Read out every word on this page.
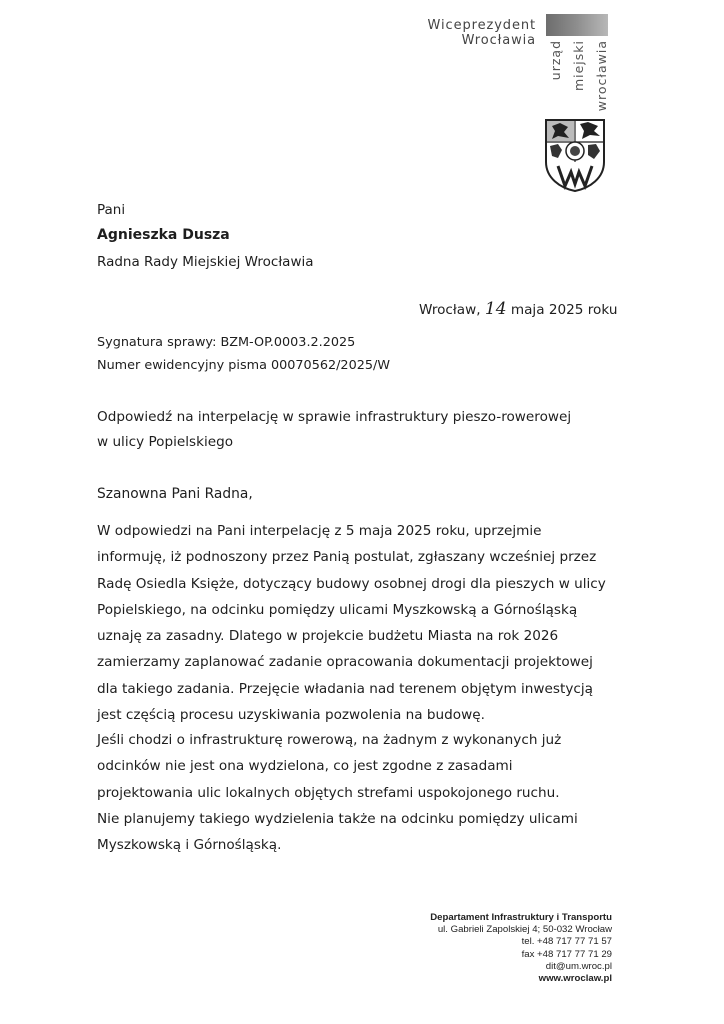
Wiceprezydent Wrocławia urząd miejski wrocławia
Pani
Agnieszka Dusza
Radna Rady Miejskiej Wrocławia
Wrocław, 14 maja 2025 roku
Sygnatura sprawy: BZM-OP.0003.2.2025
Numer ewidencyjny pisma 00070562/2025/W
Odpowiedź na interpelację w sprawie infrastruktury pieszo-rowerowej
w ulicy Popielskiego
Szanowna Pani Radna,
W odpowiedzi na Pani interpelację z 5 maja 2025 roku, uprzejmie
informuję, iż podnoszony przez Panią postulat, zgłaszany wcześniej przez
Radę Osiedla Księże, dotyczący budowy osobnej drogi dla pieszych w ulicy
Popielskiego, na odcinku pomiędzy ulicami Myszkowską a Górnośląską
uznaję za zasadny. Dlatego w projekcie budżetu Miasta na rok 2026
zamierzamy zaplanować zadanie opracowania dokumentacji projektowej
dla takiego zadania. Przejęcie władania nad terenem objętym inwestycją
jest częścią procesu uzyskiwania pozwolenia na budowę.
Jeśli chodzi o infrastrukturę rowerową, na żadnym z wykonanych już
odcinków nie jest ona wydzielona, co jest zgodne z zasadami
projektowania ulic lokalnych objętych strefami uspokojonego ruchu.
Nie planujemy takiego wydzielenia także na odcinku pomiędzy ulicami
Myszkowską i Górnośląską.
Departament Infrastruktury i Transportu
ul. Gabrieli Zapolskiej 4; 50-032 Wrocław
tel. +48 717 77 71 57
fax +48 717 77 71 29
dit@um.wroc.pl
www.wroclaw.pl
